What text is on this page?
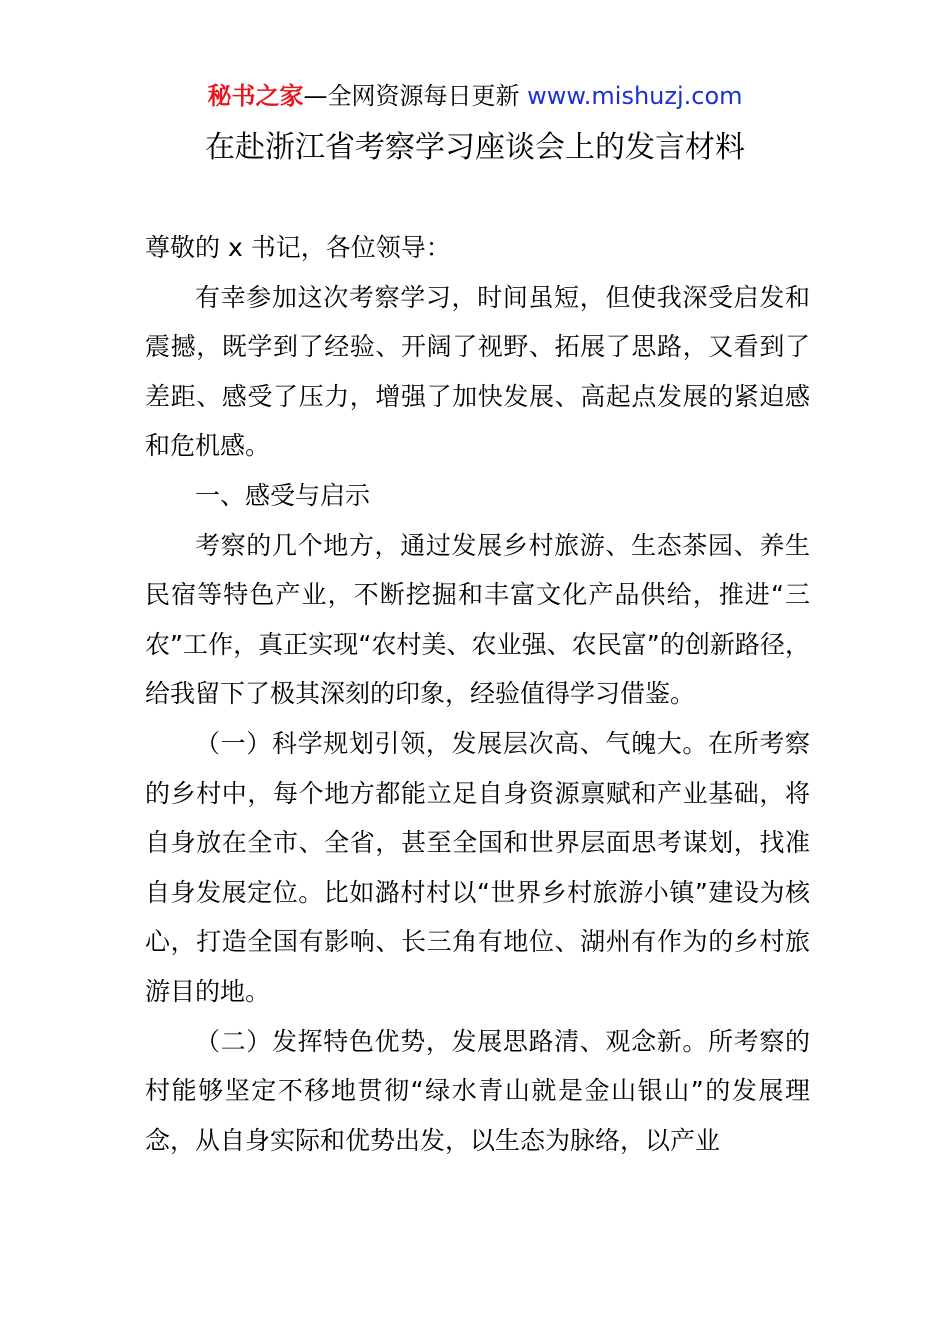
秘书之家—全网资源每日更新 www.mishuzj.com
在赴浙江省考察学习座谈会上的发言材料

尊敬的 x 书记，各位领导：

有幸参加这次考察学习，时间虽短，但使我深受启发和震撼，既学到了经验、开阔了视野、拓展了思路，又看到了差距、感受了压力，增强了加快发展、高起点发展的紧迫感和危机感。

一、感受与启示

考察的几个地方，通过发展乡村旅游、生态茶园、养生民宿等特色产业，不断挖掘和丰富文化产品供给，推进“三农”工作，真正实现“农村美、农业强、农民富”的创新路径，给我留下了极其深刻的印象，经验值得学习借鉴。

（一）科学规划引领，发展层次高、气魄大。在所考察的乡村中，每个地方都能立足自身资源禀赋和产业基础，将自身放在全市、全省，甚至全国和世界层面思考谋划，找准自身发展定位。比如潞村村以“世界乡村旅游小镇”建设为核心，打造全国有影响、长三角有地位、湖州有作为的乡村旅游目的地。

（二）发挥特色优势，发展思路清、观念新。所考察的村能够坚定不移地贯彻“绿水青山就是金山银山”的发展理念，从自身实际和优势出发，以生态为脉络，以产业
